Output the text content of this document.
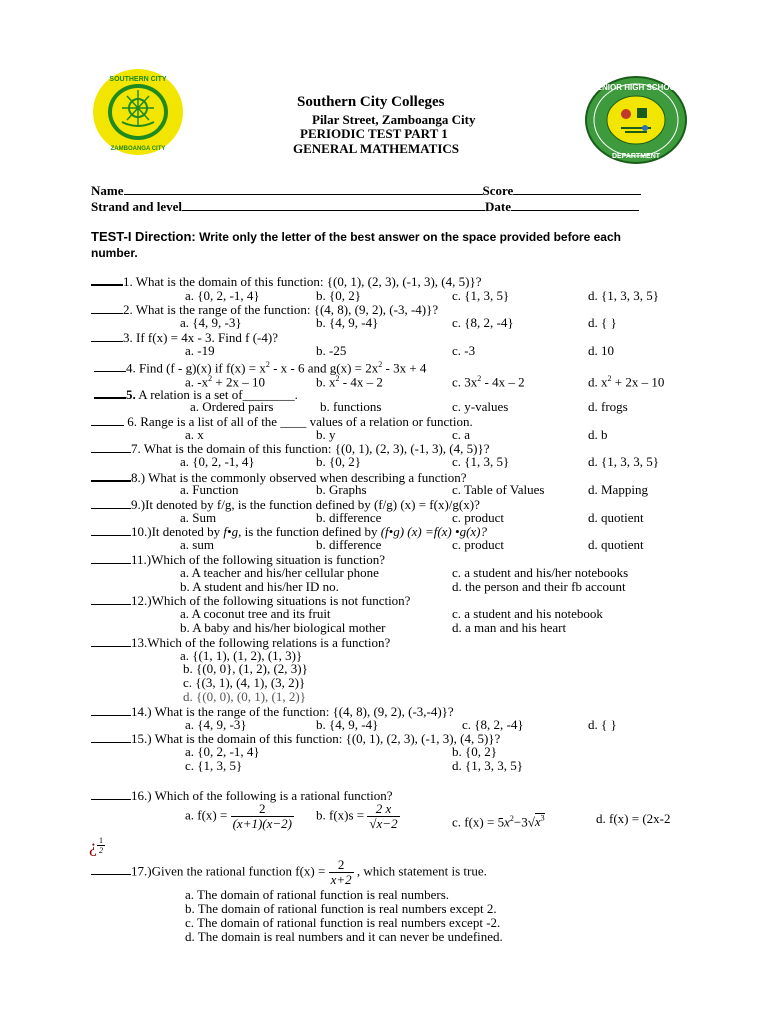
SOUTHERN CITY
ZAMBOANGA CITY
SENIOR HIGH SCHOOL
DEPARTMENT
Southern City Colleges
Pilar Street, Zamboanga City
PERIODIC TEST PART 1
GENERAL MATHEMATICS
Name	Score
Strand and level	Date
TEST-I Direction: Write only the letter of the best answer on the space provided before each
number.
1. What is the domain of this function: {(0, 1), (2, 3), (-1, 3), (4, 5)}?
a. {0, 2, -1, 4}	b. {0, 2}	c. {1, 3, 5}	d. {1, 3, 3, 5}
2. What is the range of the function: {(4, 8), (9, 2), (-3, -4)}?
a. {4, 9, -3}	b. {4, 9, -4}	c. {8, 2, -4}	d. { }
3. If f(x) = 4x - 3. Find f (-4)?
a. -19	b. -25	c. -3	d. 10
4. Find (f - g)(x) if $f(x) = x^2 - x - 6$ and $g(x) = 2x^2 - 3x + 4$
a. $-x^2 + 2x - 10$	b. $x^2 - 4x - 2$	c. $3x^2 - 4x - 2$	d. $x^2 + 2x - 10$
5. A relation is a set of________.
a. Ordered pairs	b. functions	c. y-values	d. frogs
6. Range is a list of all of the ____ values of a relation or function.
a. x	b. y	c. a	d. b
7. What is the domain of this function: {(0, 1), (2, 3), (-1, 3), (4, 5)}?
a. {0, 2, -1, 4}	b. {0, 2}	c. {1, 3, 5}	d. {1, 3, 3, 5}
8.) What is the commonly observed when describing a function?
a. Function	b. Graphs	c. Table of Values	d. Mapping
9.)It denoted by f/g, is the function defined by (f/g) (x) = f(x)/g(x)?
a. Sum	b. difference	c. product	d. quotient
10.)It denoted by f•g, is the function defined by (f•g) (x) =f(x) •g(x)?
a. sum	b. difference	c. product	d. quotient
11.)Which of the following situation is function?
a. A teacher and his/her cellular phone	c. a student and his/her notebooks
b. A student and his/her ID no.	d. the person and their fb account
12.)Which of the following situations is not function?
a. A coconut tree and its fruit	c. a student and his notebook
b. A baby and his/her biological mother	d. a man and his heart
13.Which of the following relations is a function?
a. {(1, 1), (1, 2), (1, 3)}
b. {(0, 0}, (1, 2), (2, 3)}
c. {(3, 1), (4, 1), (3, 2)}
d. {(0, 0), (0, 1), (1, 2)}
14.) What is the range of the function: {(4, 8), (9, 2), (-3,-4)}?
a. {4, 9, -3}	b. {4, 9, -4}	c. {8, 2, -4}	d. { }
15.) What is the domain of this function: {(0, 1), (2, 3), (-1, 3), (4, 5)}?
a. {0, 2, -1, 4}	b. {0, 2}
c. {1, 3, 5}	d. {1, 3, 3, 5}
16.) Which of the following is a rational function?
a. $f(x) = \frac{2}{(x+1)(x-2)} b$. $f(x)s = \frac{2 x}{√x-2}$	c. $f(x) = 5x^2-3√x^3$	d. f(x) = (2x-2
¿ $\frac{1}{2}$
17.)Given the rational function $f(x) = \frac{2}{x+2}$ , which statement is true.
a. The domain of rational function is real numbers.
b. The domain of rational function is real numbers except 2.
c. The domain of rational function is real numbers except -2.
d. The domain is real numbers and it can never be undefined.
